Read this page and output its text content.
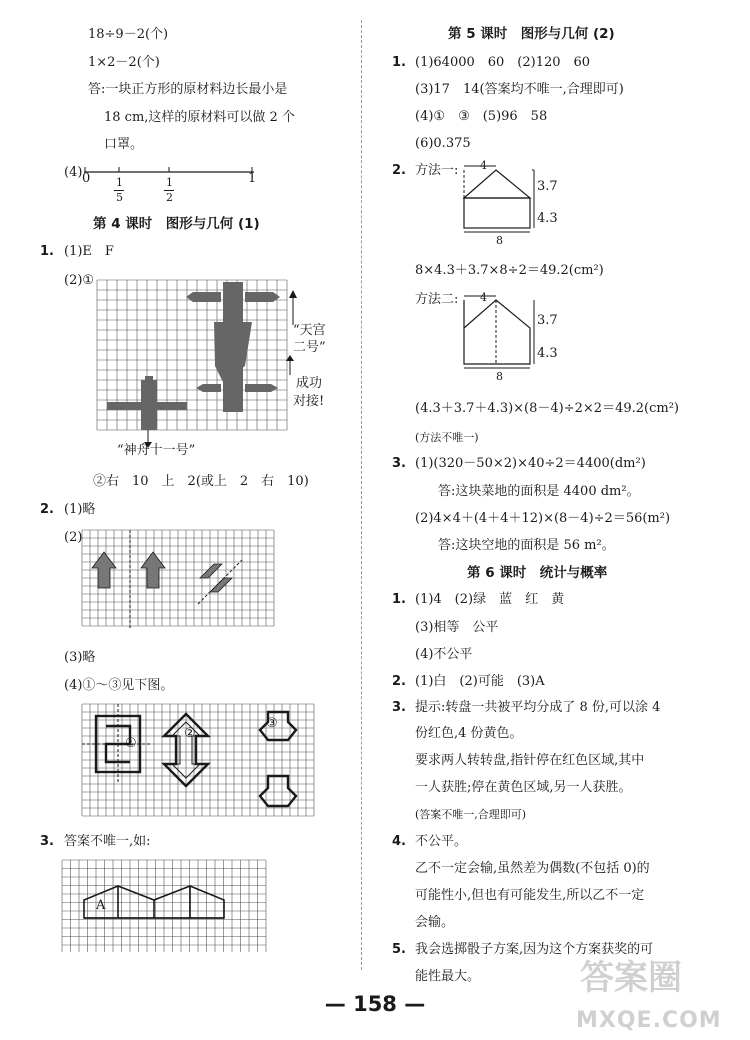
18÷9－2(个)
1×2－2(个)
答:一块正方形的原材料边长最小是
18 cm,这样的原材料可以做 2 个
口罩。
(4) 0	1
1
5
1
2
第 4 课时　图形与几何 (1)
1. (1)E　F
(2)①
“天宫
二号”
成功
对接!
“神舟十一号”
②右　10　上　2(或上　2　右　10)
2. (1)略
(2)
(3)略
(4)①～③见下图。
①
②
③
3. 答案不唯一,如:
A
第 5 课时　图形与几何 (2)
1. (1)64000　60　(2)120　60
(3)17　14(答案均不唯一,合理即可)
(4)①　③　(5)96　58
(6)0.375
2. 方法一: 4
3.7
4.3
8
8×4.3＋3.7×8÷2＝49.2(cm²)
方法二: 4
3.7
4.3
8
(4.3＋3.7＋4.3)×(8－4)÷2×2＝49.2(cm²)
(方法不唯一)
3. (1)(320－50×2)×40÷2＝4400(dm²)
答:这块菜地的面积是 4400 dm²。
(2)4×4＋(4＋4＋12)×(8－4)÷2＝56(m²)
答:这块空地的面积是 56 m²。
第 6 课时　统计与概率
1. (1)4　(2)绿　蓝　红　黄
(3)相等　公平
(4)不公平
2. (1)白　(2)可能　(3)A
3. 提示:转盘一共被平均分成了 8 份,可以涂 4
份红色,4 份黄色。
要求两人转转盘,指针停在红色区域,其中
一人获胜;停在黄色区域,另一人获胜。
(答案不唯一,合理即可)
4. 不公平。
乙不一定会输,虽然差为偶数(不包括 0)的
可能性小,但也有可能发生,所以乙不一定
会输。
5. 我会选掷骰子方案,因为这个方案获奖的可
能性最大。
— 158 —
答案圈
MXQE.COM
